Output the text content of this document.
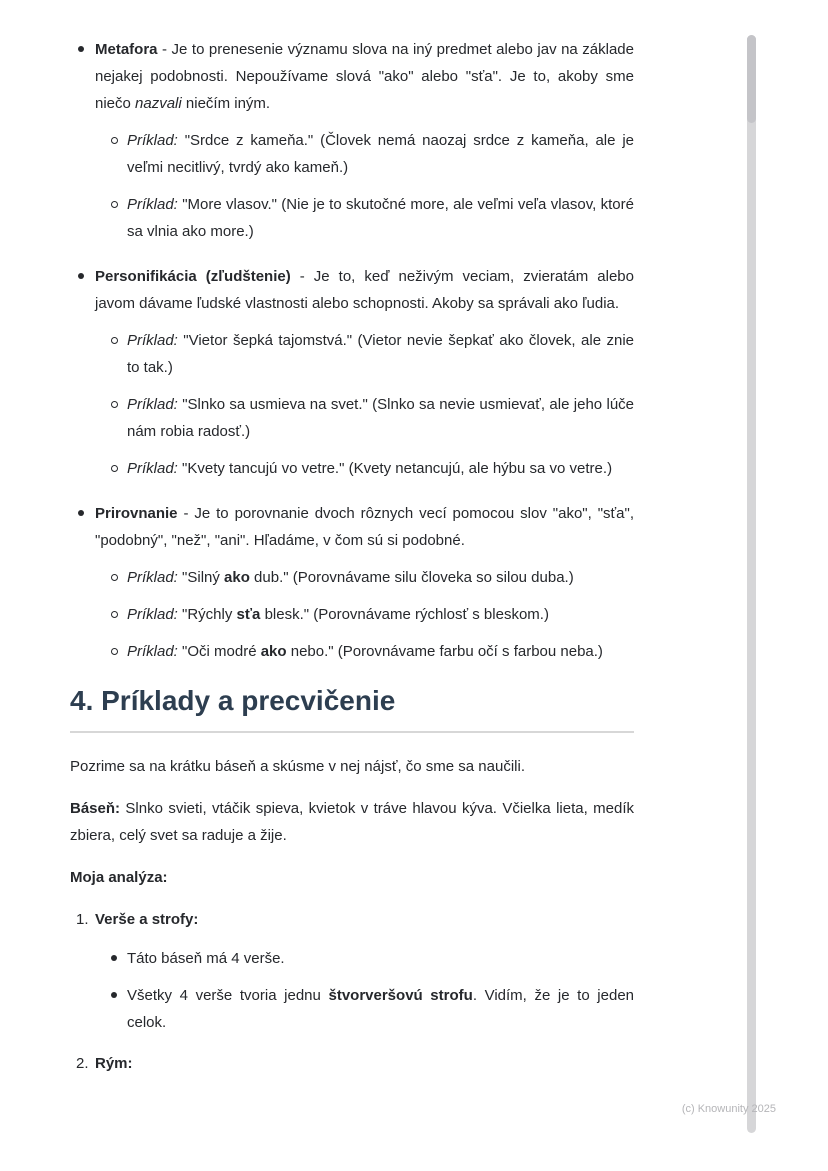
Metafora - Je to prenesenie významu slova na iný predmet alebo jav na základe nejakej podobnosti. Nepoužívame slová "ako" alebo "sťa". Je to, akoby sme niečo nazvali niečím iným.

Príklad: "Srdce z kameňa." (Človek nemá naozaj srdce z kameňa, ale je veľmi necitlivý, tvrdý ako kameň.)

Príklad: "More vlasov." (Nie je to skutočné more, ale veľmi veľa vlasov, ktoré sa vlnia ako more.)

Personifikácia (zľudštenie) - Je to, keď neživým veciam, zvieratám alebo javom dávame ľudské vlastnosti alebo schopnosti. Akoby sa správali ako ľudia.

Príklad: "Vietor šepká tajomstvá." (Vietor nevie šepkať ako človek, ale znie to tak.)

Príklad: "Slnko sa usmieva na svet." (Slnko sa nevie usmievať, ale jeho lúče nám robia radosť.)

Príklad: "Kvety tancujú vo vetre." (Kvety netancujú, ale hýbu sa vo vetre.)

Prirovnanie - Je to porovnanie dvoch rôznych vecí pomocou slov "ako", "sťa", "podobný", "než", "ani". Hľadáme, v čom sú si podobné.

Príklad: "Silný ako dub." (Porovnávame silu človeka so silou duba.)

Príklad: "Rýchly sťa blesk." (Porovnávame rýchlosť s bleskom.)

Príklad: "Oči modré ako nebo." (Porovnávame farbu očí s farbou neba.)

4. Príklady a precvičenie

Pozrime sa na krátku báseň a skúsme v nej nájsť, čo sme sa naučili.

Báseň: Slnko svieti, vtáčik spieva, kvietok v tráve hlavou kýva. Včielka lieta, medík zbiera, celý svet sa raduje a žije.

Moja analýza:

1. Verše a strofy:

Táto báseň má 4 verše.

Všetky 4 verše tvoria jednu štvorveršovú strofu. Vidím, že je to jeden celok.

2. Rým:

(c) Knowunity 2025
